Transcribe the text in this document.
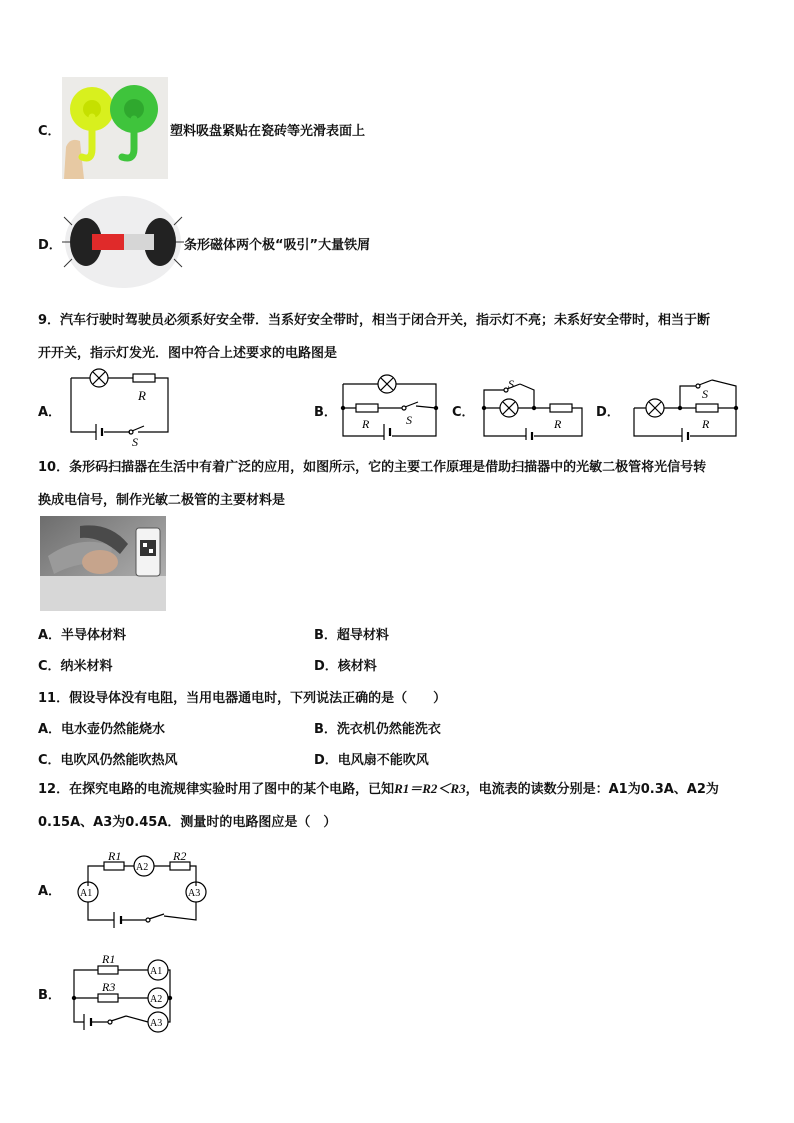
C．	塑料吸盘紧贴在瓷砖等光滑表面上
D．	条形磁体两个极“吸引”大量铁屑
9．汽车行驶时驾驶员必须系好安全带．当系好安全带时，相当于闭合开关，指示灯不亮；未系好安全带时，相当于断
开开关，指示灯发光．图中符合上述要求的电路图是
A．
R
S
B．
R	S	C．
S
R
D．
S
R
10．条形码扫描器在生活中有着广泛的应用，如图所示，它的主要工作原理是借助扫描器中的光敏二极管将光信号转
换成电信号，制作光敏二极管的主要材料是
A．半导体材料	B．超导材料
C．纳米材料	D．核材料
11．假设导体没有电阻，当用电器通电时，下列说法正确的是（　　）
A．电水壶仍然能烧水	B．洗衣机仍然能洗衣
C．电吹风仍然能吹热风	D．电风扇不能吹风
12．在探究电路的电流规律实验时用了图中的某个电路，已知R1＝R2＜R3，电流表的读数分别是：A1为0.3A、A2为
0.15A、A3为0.45A．测量时的电路图应是（　）
A．
R1	R2
A2
A1	A3
B．
R1
R3
A1
A2
A3
